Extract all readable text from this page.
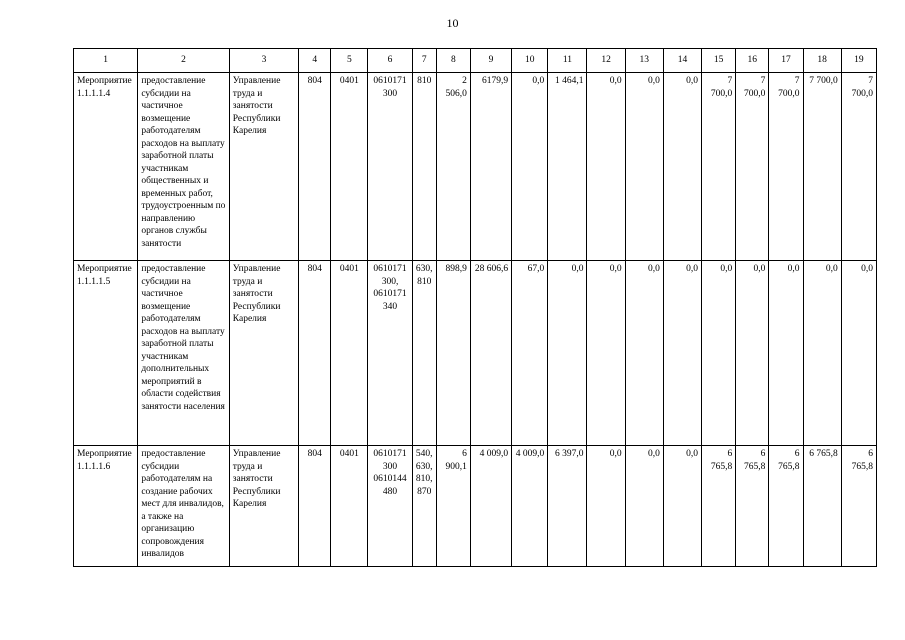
10
1	2	3	4	5	6	7	8	9	10	11	12	13	14	15	16	17	18	19
Мероприятие 1.1.1.1.4	предоставление субсидии на частичное возмещение работодателям расходов на выплату заработной платы участникам общественных и временных работ, трудоустроенным по направлению органов службы занятости	Управление труда и занятости Республики Карелия	804	0401	0610171300	810	2 506,0	6179,9	0,0	1 464,1	0,0	0,0	0,0	7 700,0	7 700,0	7 700,0	7 700,0	7 700,0
Мероприятие 1.1.1.1.5	предоставление субсидии на частичное возмещение работодателям расходов на выплату заработной платы участникам дополнительных мероприятий в области содействия занятости населения	Управление труда и занятости Республики Карелия	804	0401	0610171300, 0610171340	630, 810	898,9	28 606,6	67,0	0,0	0,0	0,0	0,0	0,0	0,0	0,0	0,0	0,0
Мероприятие 1.1.1.1.6	предоставление субсидии работодателям на создание рабочих мест для инвалидов, а также на организацию сопровождения инвалидов	Управление труда и занятости Республики Карелия	804	0401	0610171300 0610144480	540, 630, 810, 870	6 900,1	4 009,0	4 009,0	6 397,0	0,0	0,0	0,0	6 765,8	6 765,8	6 765,8	6 765,8	6 765,8
